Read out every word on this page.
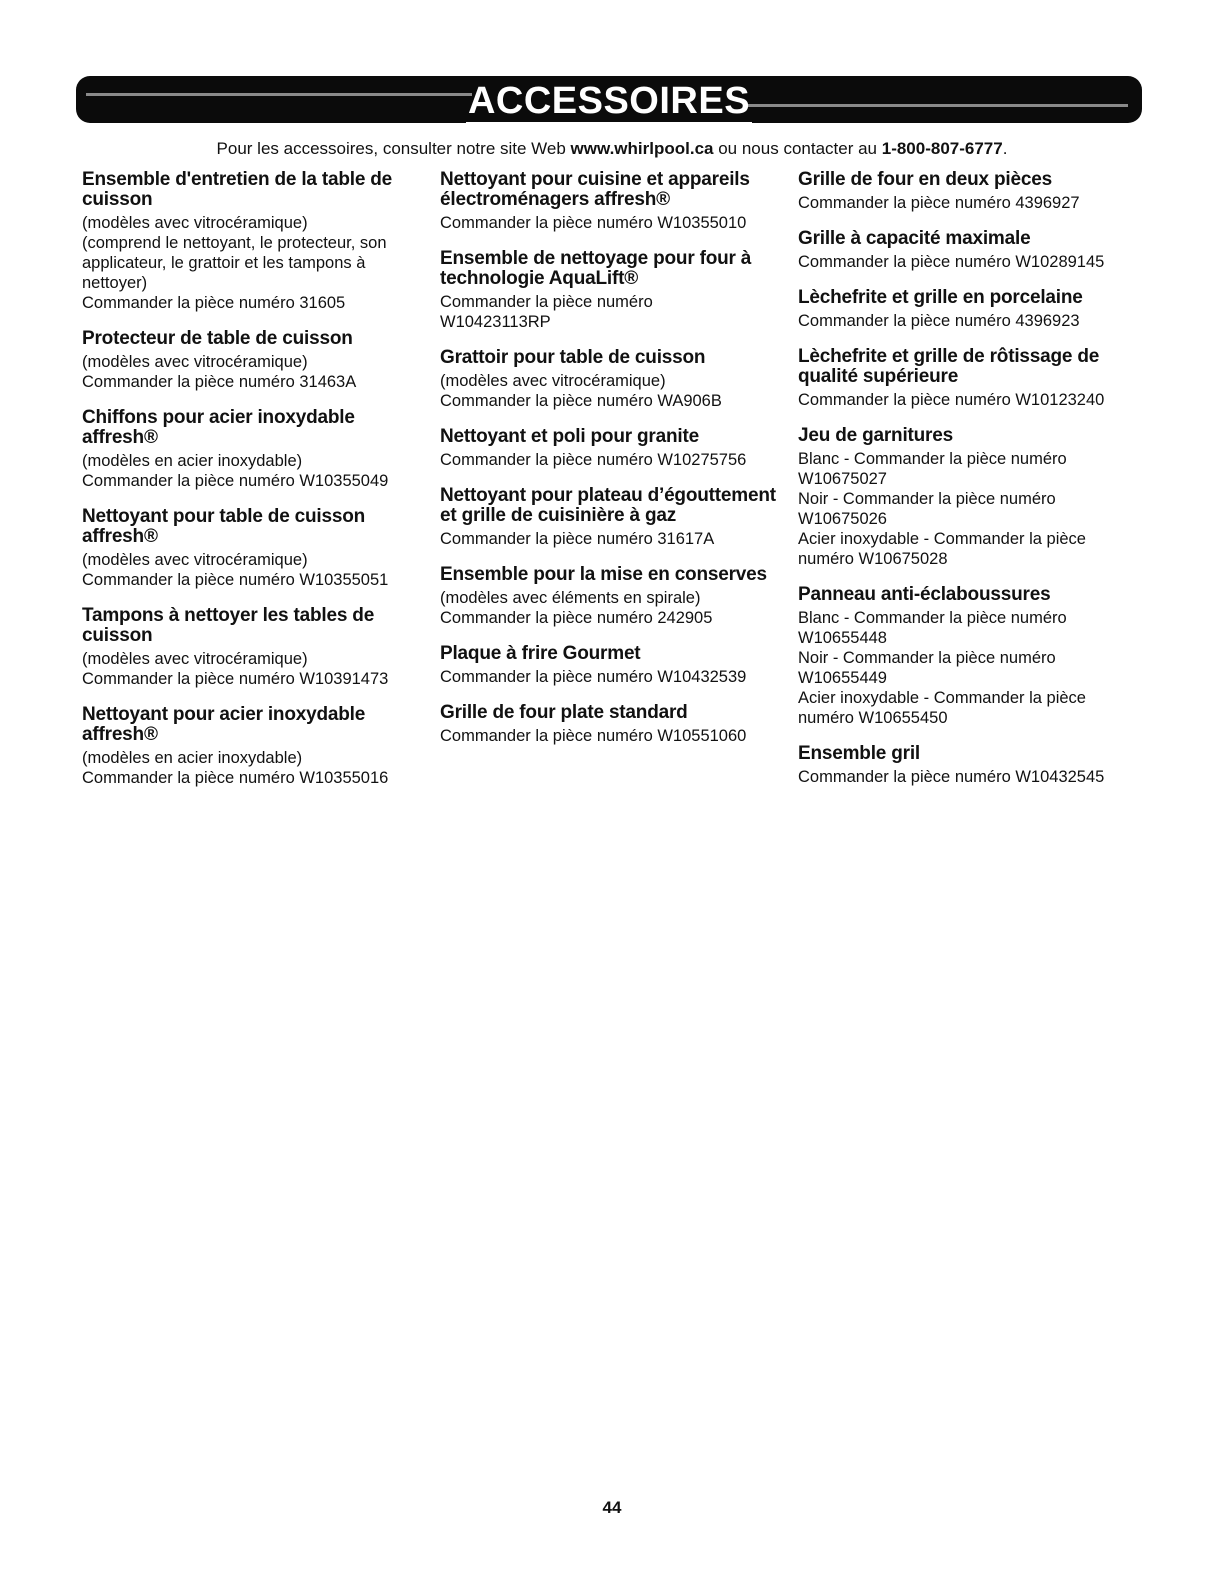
ACCESSOIRES
Pour les accessoires, consulter notre site Web www.whirlpool.ca ou nous contacter au 1-800-807-6777.
Ensemble d'entretien de la table de cuisson

(modèles avec vitrocéramique)
(comprend le nettoyant, le protecteur, son applicateur, le grattoir et les tampons à nettoyer)
Commander la pièce numéro 31605

Protecteur de table de cuisson

(modèles avec vitrocéramique)
Commander la pièce numéro 31463A

Chiffons pour acier inoxydable affresh®

(modèles en acier inoxydable)
Commander la pièce numéro W10355049

Nettoyant pour table de cuisson affresh®

(modèles avec vitrocéramique)
Commander la pièce numéro W10355051

Tampons à nettoyer les tables de cuisson

(modèles avec vitrocéramique)
Commander la pièce numéro W10391473

Nettoyant pour acier inoxydable affresh®

(modèles en acier inoxydable)
Commander la pièce numéro W10355016

Nettoyant pour cuisine et appareils électroménagers affresh®

Commander la pièce numéro W10355010

Ensemble de nettoyage pour four à technologie AquaLift®

Commander la pièce numéro
W10423113RP

Grattoir pour table de cuisson

(modèles avec vitrocéramique)
Commander la pièce numéro WA906B

Nettoyant et poli pour granite

Commander la pièce numéro W10275756

Nettoyant pour plateau d’égouttement et grille de cuisinière à gaz

Commander la pièce numéro 31617A

Ensemble pour la mise en conserves

(modèles avec éléments en spirale)
Commander la pièce numéro 242905

Plaque à frire Gourmet

Commander la pièce numéro W10432539

Grille de four plate standard

Commander la pièce numéro W10551060

Grille de four en deux pièces

Commander la pièce numéro 4396927

Grille à capacité maximale

Commander la pièce numéro W10289145

Lèchefrite et grille en porcelaine

Commander la pièce numéro 4396923

Lèchefrite et grille de rôtissage de qualité supérieure

Commander la pièce numéro W10123240

Jeu de garnitures

Blanc - Commander la pièce numéro
W10675027
Noir - Commander la pièce numéro
W10675026
Acier inoxydable - Commander la pièce
numéro W10675028

Panneau anti-éclaboussures

Blanc - Commander la pièce numéro
W10655448
Noir - Commander la pièce numéro
W10655449
Acier inoxydable - Commander la pièce
numéro W10655450

Ensemble gril

Commander la pièce numéro W10432545

44
